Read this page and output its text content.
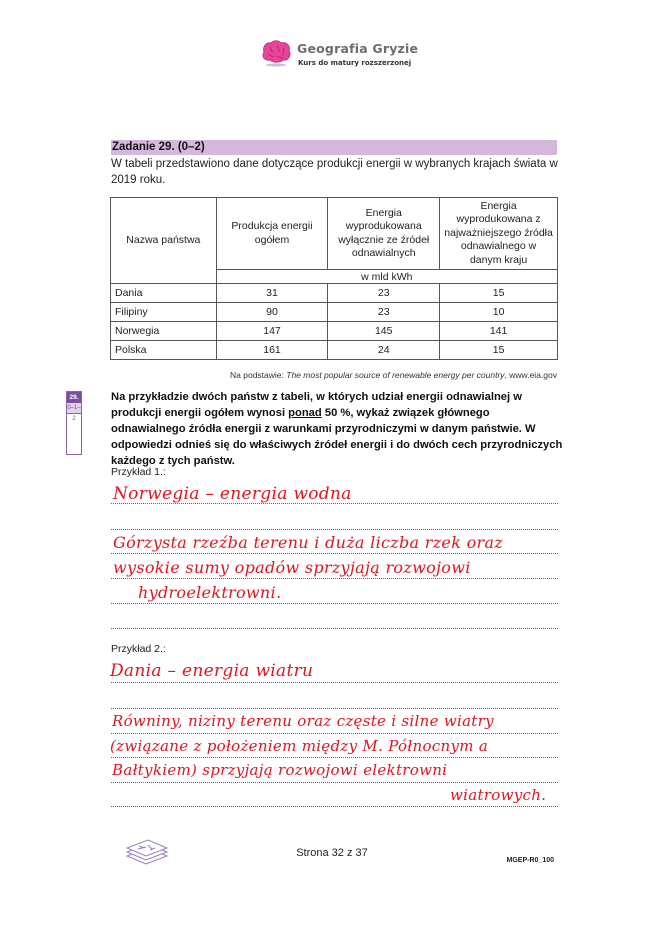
Geografia Gryzie
Kurs do matury rozszerzonej
Zadanie 29. (0–2)
W tabeli przedstawiono dane dotyczące produkcji energii w wybranych krajach świata w 2019 roku.
Nazwa państwa	Produkcja energii ogółem	Energia wyprodukowana wyłącznie ze źródeł odnawialnych	Energia wyprodukowana z najważniejszego źródła odnawialnego w danym kraju
	w mld kWh		
Dania	31	23	15
Filipiny	90	23	10
Norwegia	147	145	141
Polska	161	24	15
Na podstawie: The most popular source of renewable energy per country, www.eia.gov
29.
0–1–2
Na przykładzie dwóch państw z tabeli, w których udział energii odnawialnej w produkcji energii ogółem wynosi ponad 50 %, wykaż związek głównego odnawialnego źródła energii z warunkami przyrodniczymi w danym państwie. W odpowiedzi odnieś się do właściwych źródeł energii i do dwóch cech przyrodniczych każdego z tych państw.
Przykład 1.:
Norwegia – energia wodna
Górzysta rzeźba terenu i duża liczba rzek oraz
wysokie sumy opadów sprzyjają rozwojowi
hydroelektrowni.
Przykład 2.:
Dania – energia wiatru
Równiny, niziny terenu oraz częste i silne wiatry
(związane z położeniem między M. Północnym a
Bałtykiem) sprzyjają rozwojowi elektrowni
wiatrowych.
Strona 32 z 37
MGEP-R0_100
